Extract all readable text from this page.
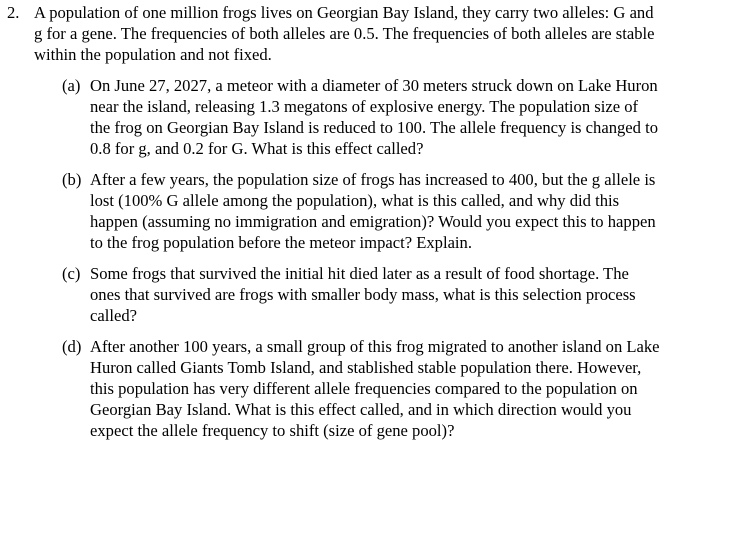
2. A population of one million frogs lives on Georgian Bay Island, they carry two alleles: G and
g for a gene. The frequencies of both alleles are 0.5. The frequencies of both alleles are stable
within the population and not fixed.
(a) On June 27, 2027, a meteor with a diameter of 30 meters struck down on Lake Huron
near the island, releasing 1.3 megatons of explosive energy. The population size of
the frog on Georgian Bay Island is reduced to 100. The allele frequency is changed to
0.8 for g, and 0.2 for G. What is this effect called?
(b) After a few years, the population size of frogs has increased to 400, but the g allele is
lost (100% G allele among the population), what is this called, and why did this
happen (assuming no immigration and emigration)? Would you expect this to happen
to the frog population before the meteor impact? Explain.
(c) Some frogs that survived the initial hit died later as a result of food shortage. The
ones that survived are frogs with smaller body mass, what is this selection process
called?
(d) After another 100 years, a small group of this frog migrated to another island on Lake
Huron called Giants Tomb Island, and stablished stable population there. However,
this population has very different allele frequencies compared to the population on
Georgian Bay Island. What is this effect called, and in which direction would you
expect the allele frequency to shift (size of gene pool)?
